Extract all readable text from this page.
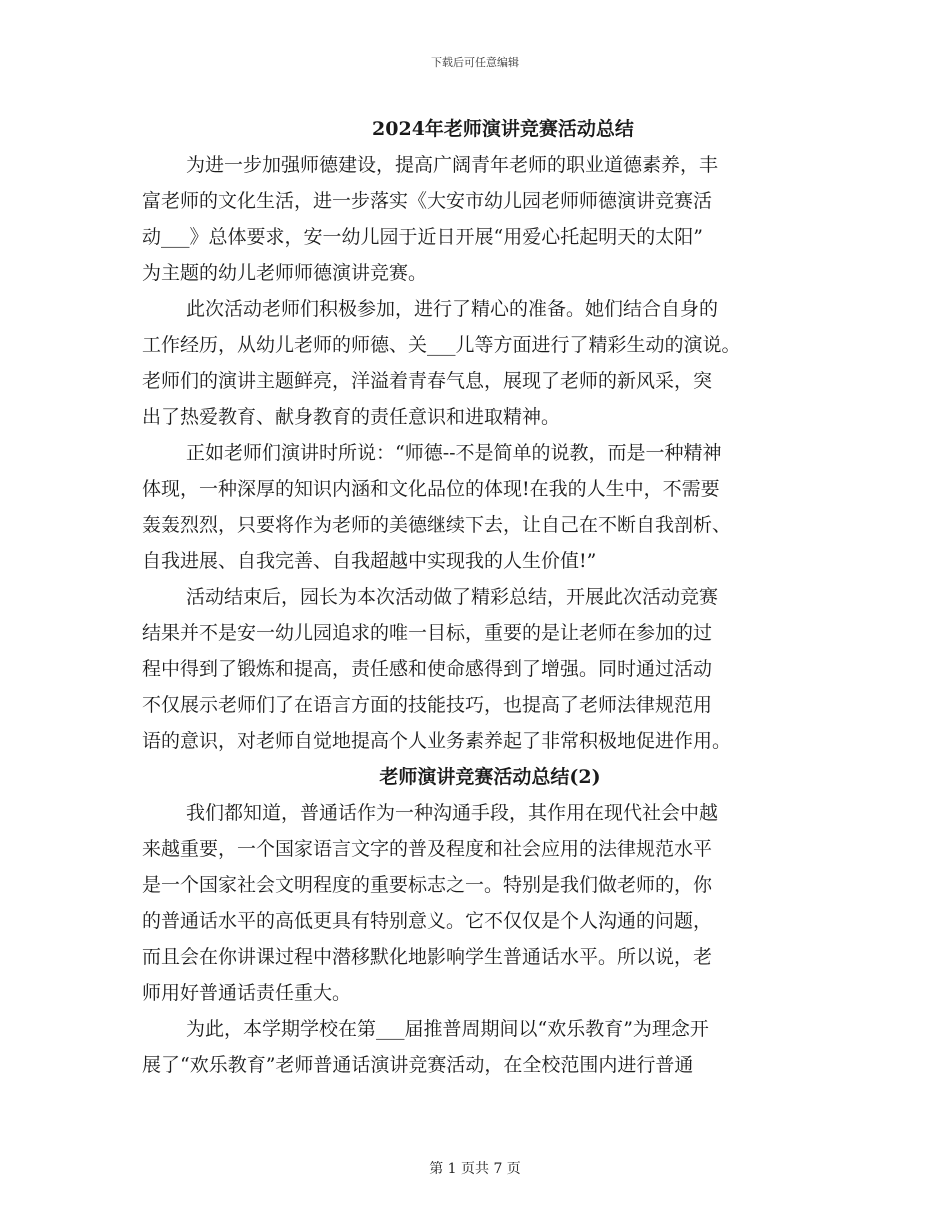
下载后可任意编辑
2024年老师演讲竞赛活动总结
为进一步加强师德建设，提高广阔青年老师的职业道德素养，丰
富老师的文化生活，进一步落实《大安市幼儿园老师师德演讲竞赛活
动___》总体要求，安一幼儿园于近日开展“用爱心托起明天的太阳”
为主题的幼儿老师师德演讲竞赛。
此次活动老师们积极参加，进行了精心的准备。她们结合自身的
工作经历，从幼儿老师的师德、关___儿等方面进行了精彩生动的演说。
老师们的演讲主题鲜亮，洋溢着青春气息，展现了老师的新风采，突
出了热爱教育、献身教育的责任意识和进取精神。
正如老师们演讲时所说：“师德--不是简单的说教，而是一种精神
体现，一种深厚的知识内涵和文化品位的体现!在我的人生中，不需要
轰轰烈烈，只要将作为老师的美德继续下去，让自己在不断自我剖析、
自我进展、自我完善、自我超越中实现我的人生价值!”
活动结束后，园长为本次活动做了精彩总结，开展此次活动竞赛
结果并不是安一幼儿园追求的唯一目标，重要的是让老师在参加的过
程中得到了锻炼和提高，责任感和使命感得到了增强。同时通过活动
不仅展示老师们了在语言方面的技能技巧，也提高了老师法律规范用
语的意识，对老师自觉地提高个人业务素养起了非常积极地促进作用。
老师演讲竞赛活动总结(2)
我们都知道，普通话作为一种沟通手段，其作用在现代社会中越
来越重要，一个国家语言文字的普及程度和社会应用的法律规范水平
是一个国家社会文明程度的重要标志之一。特别是我们做老师的，你
的普通话水平的高低更具有特别意义。它不仅仅是个人沟通的问题，
而且会在你讲课过程中潜移默化地影响学生普通话水平。所以说，老
师用好普通话责任重大。
为此，本学期学校在第___届推普周期间以“欢乐教育”为理念开
展了“欢乐教育”老师普通话演讲竞赛活动，在全校范围内进行普通
第 1 页共 7 页
